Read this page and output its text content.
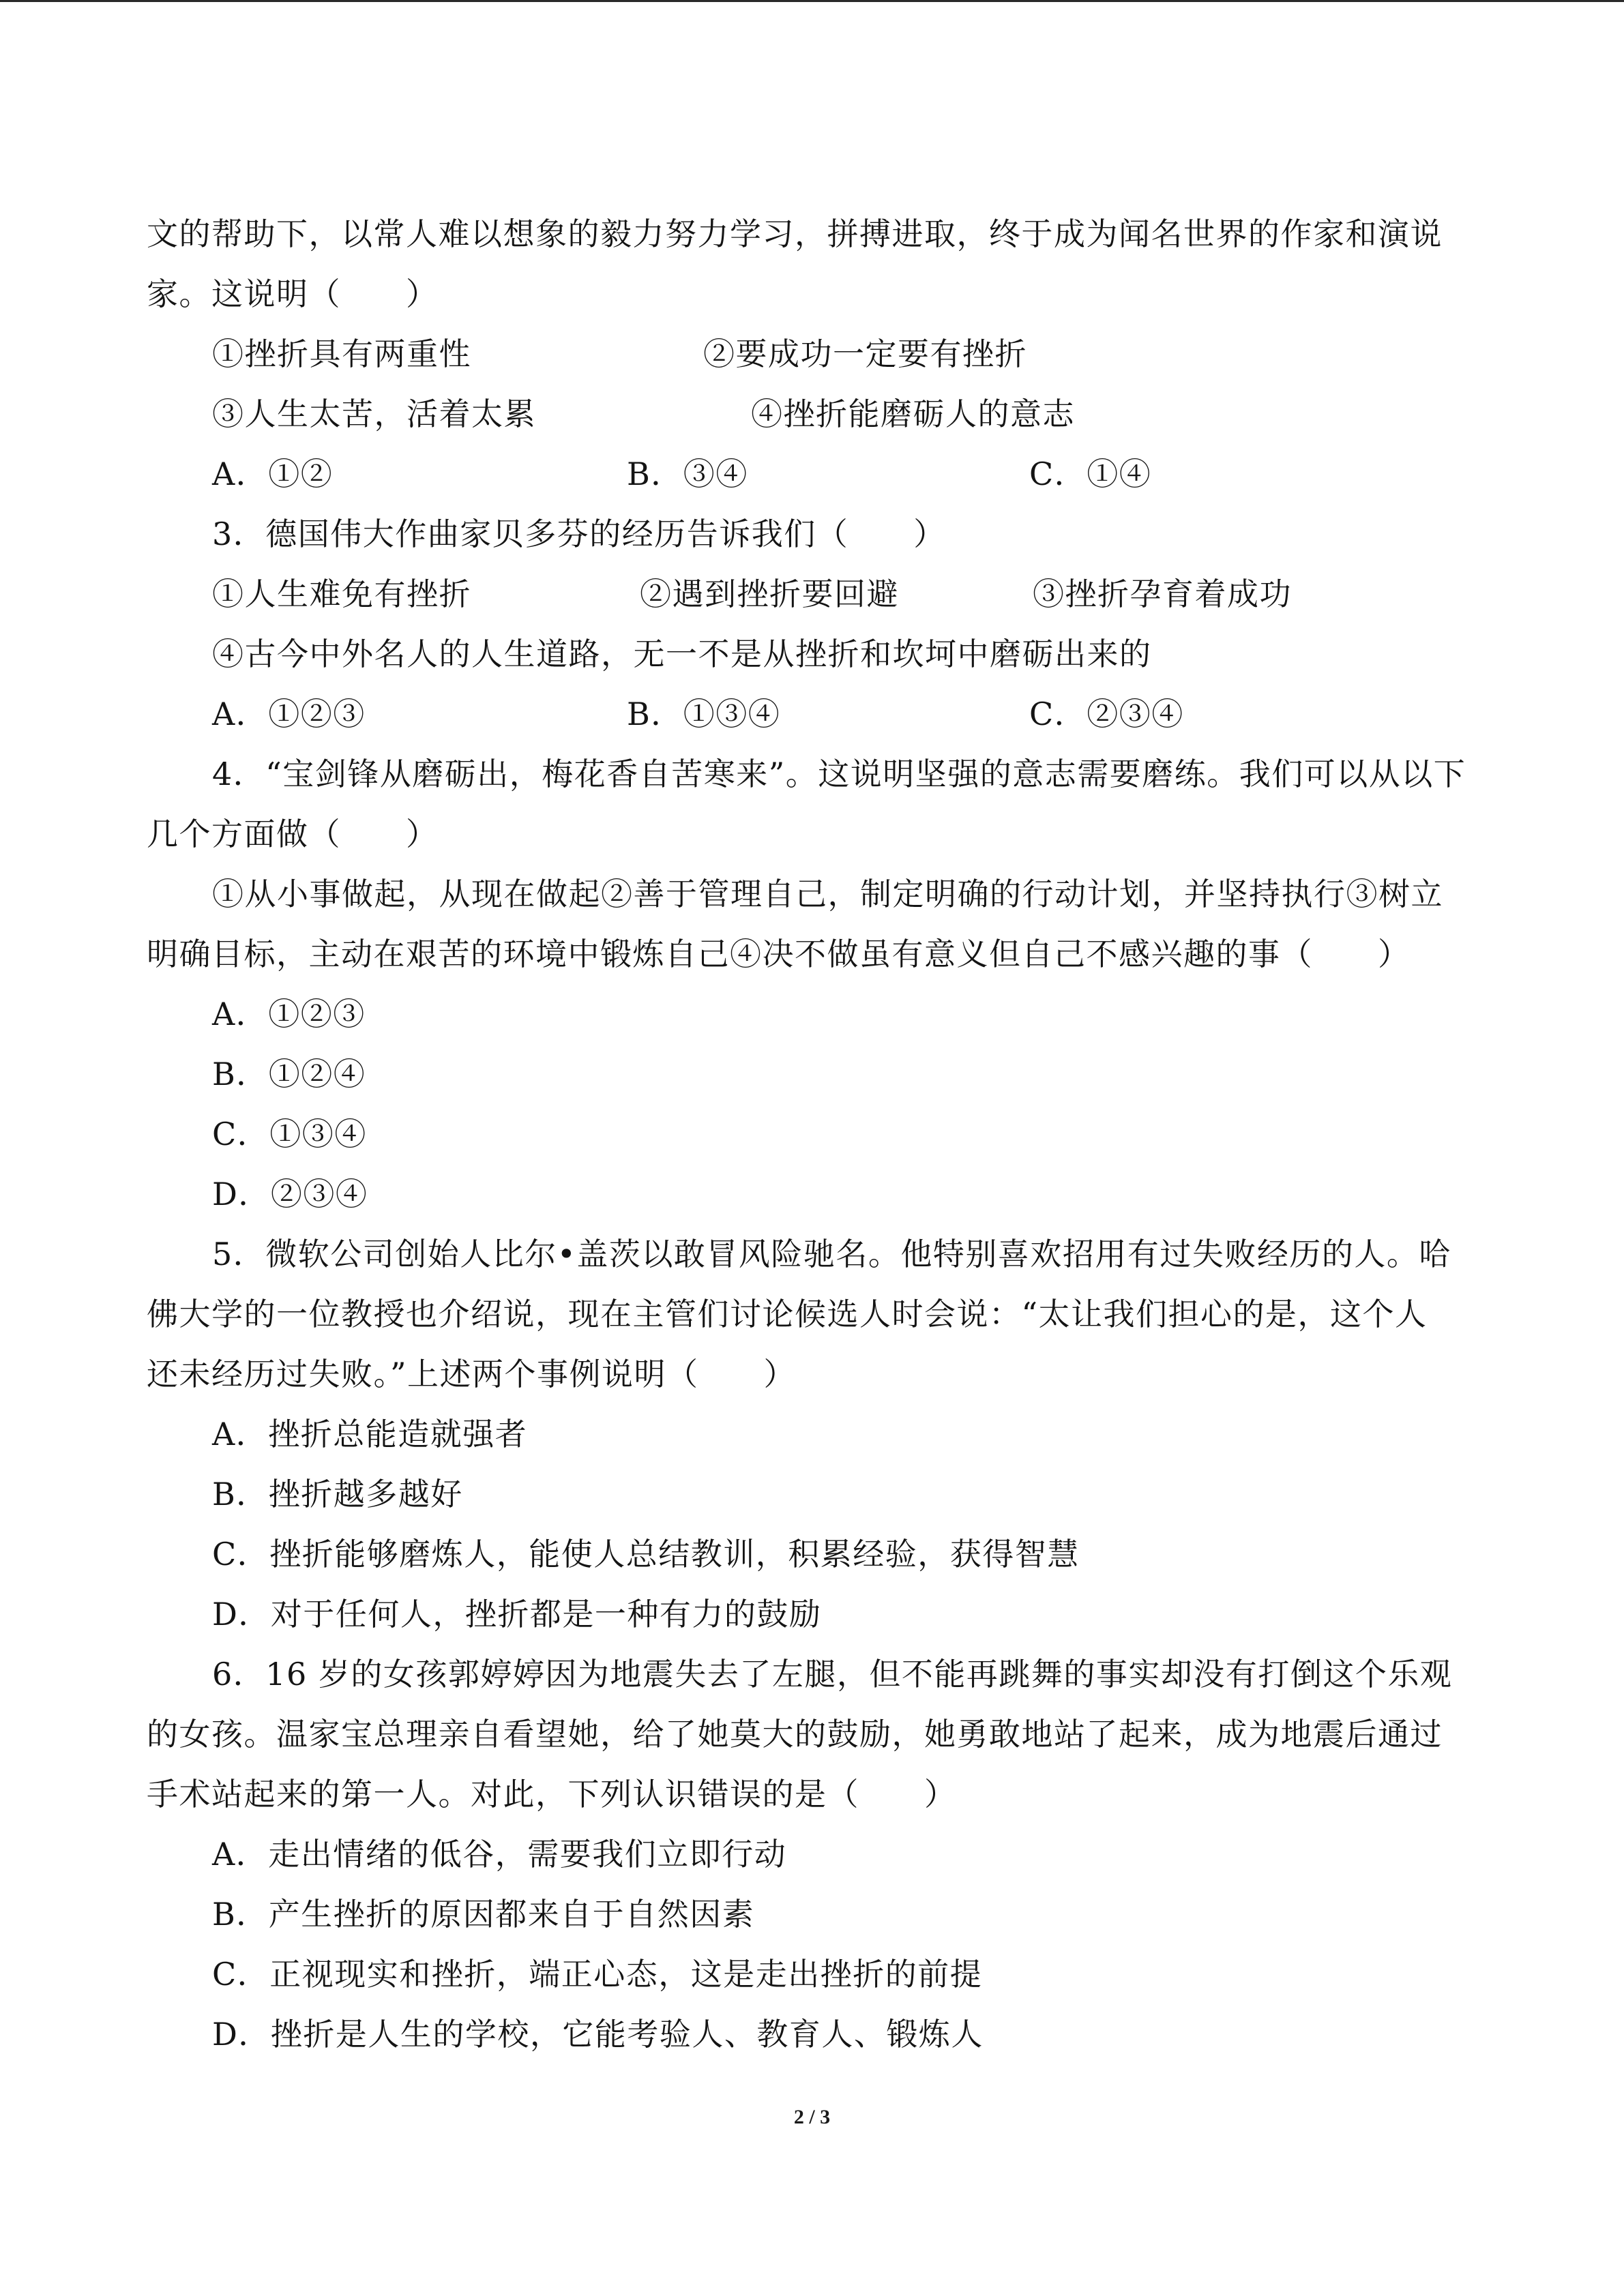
文的帮助下，以常人难以想象的毅力努力学习，拼搏进取，终于成为闻名世界的作家和演说
家。这说明（　　）
①挫折具有两重性	②要成功一定要有挫折
③人生太苦，活着太累	④挫折能磨砺人的意志
A．①②	B．③④	C．①④
3．德国伟大作曲家贝多芬的经历告诉我们（　　）
①人生难免有挫折	②遇到挫折要回避	③挫折孕育着成功
④古今中外名人的人生道路，无一不是从挫折和坎坷中磨砺出来的
A．①②③	B．①③④	C．②③④
4．“宝剑锋从磨砺出，梅花香自苦寒来”。这说明坚强的意志需要磨练。我们可以从以下
几个方面做（　　）
①从小事做起，从现在做起②善于管理自己，制定明确的行动计划，并坚持执行③树立
明确目标，主动在艰苦的环境中锻炼自己④决不做虽有意义但自己不感兴趣的事（　　）
A．①②③
B．①②④
C．①③④
D．②③④
5．微软公司创始人比尔•盖茨以敢冒风险驰名。他特别喜欢招用有过失败经历的人。哈
佛大学的一位教授也介绍说，现在主管们讨论候选人时会说：“太让我们担心的是，这个人
还未经历过失败。”上述两个事例说明（　　）
A．挫折总能造就强者
B．挫折越多越好
C．挫折能够磨炼人，能使人总结教训，积累经验，获得智慧
D．对于任何人，挫折都是一种有力的鼓励
6．16 岁的女孩郭婷婷因为地震失去了左腿，但不能再跳舞的事实却没有打倒这个乐观
的女孩。温家宝总理亲自看望她，给了她莫大的鼓励，她勇敢地站了起来，成为地震后通过
手术站起来的第一人。对此，下列认识错误的是（　　）
A．走出情绪的低谷，需要我们立即行动
B．产生挫折的原因都来自于自然因素
C．正视现实和挫折，端正心态，这是走出挫折的前提
D．挫折是人生的学校，它能考验人、教育人、锻炼人
2 / 3
